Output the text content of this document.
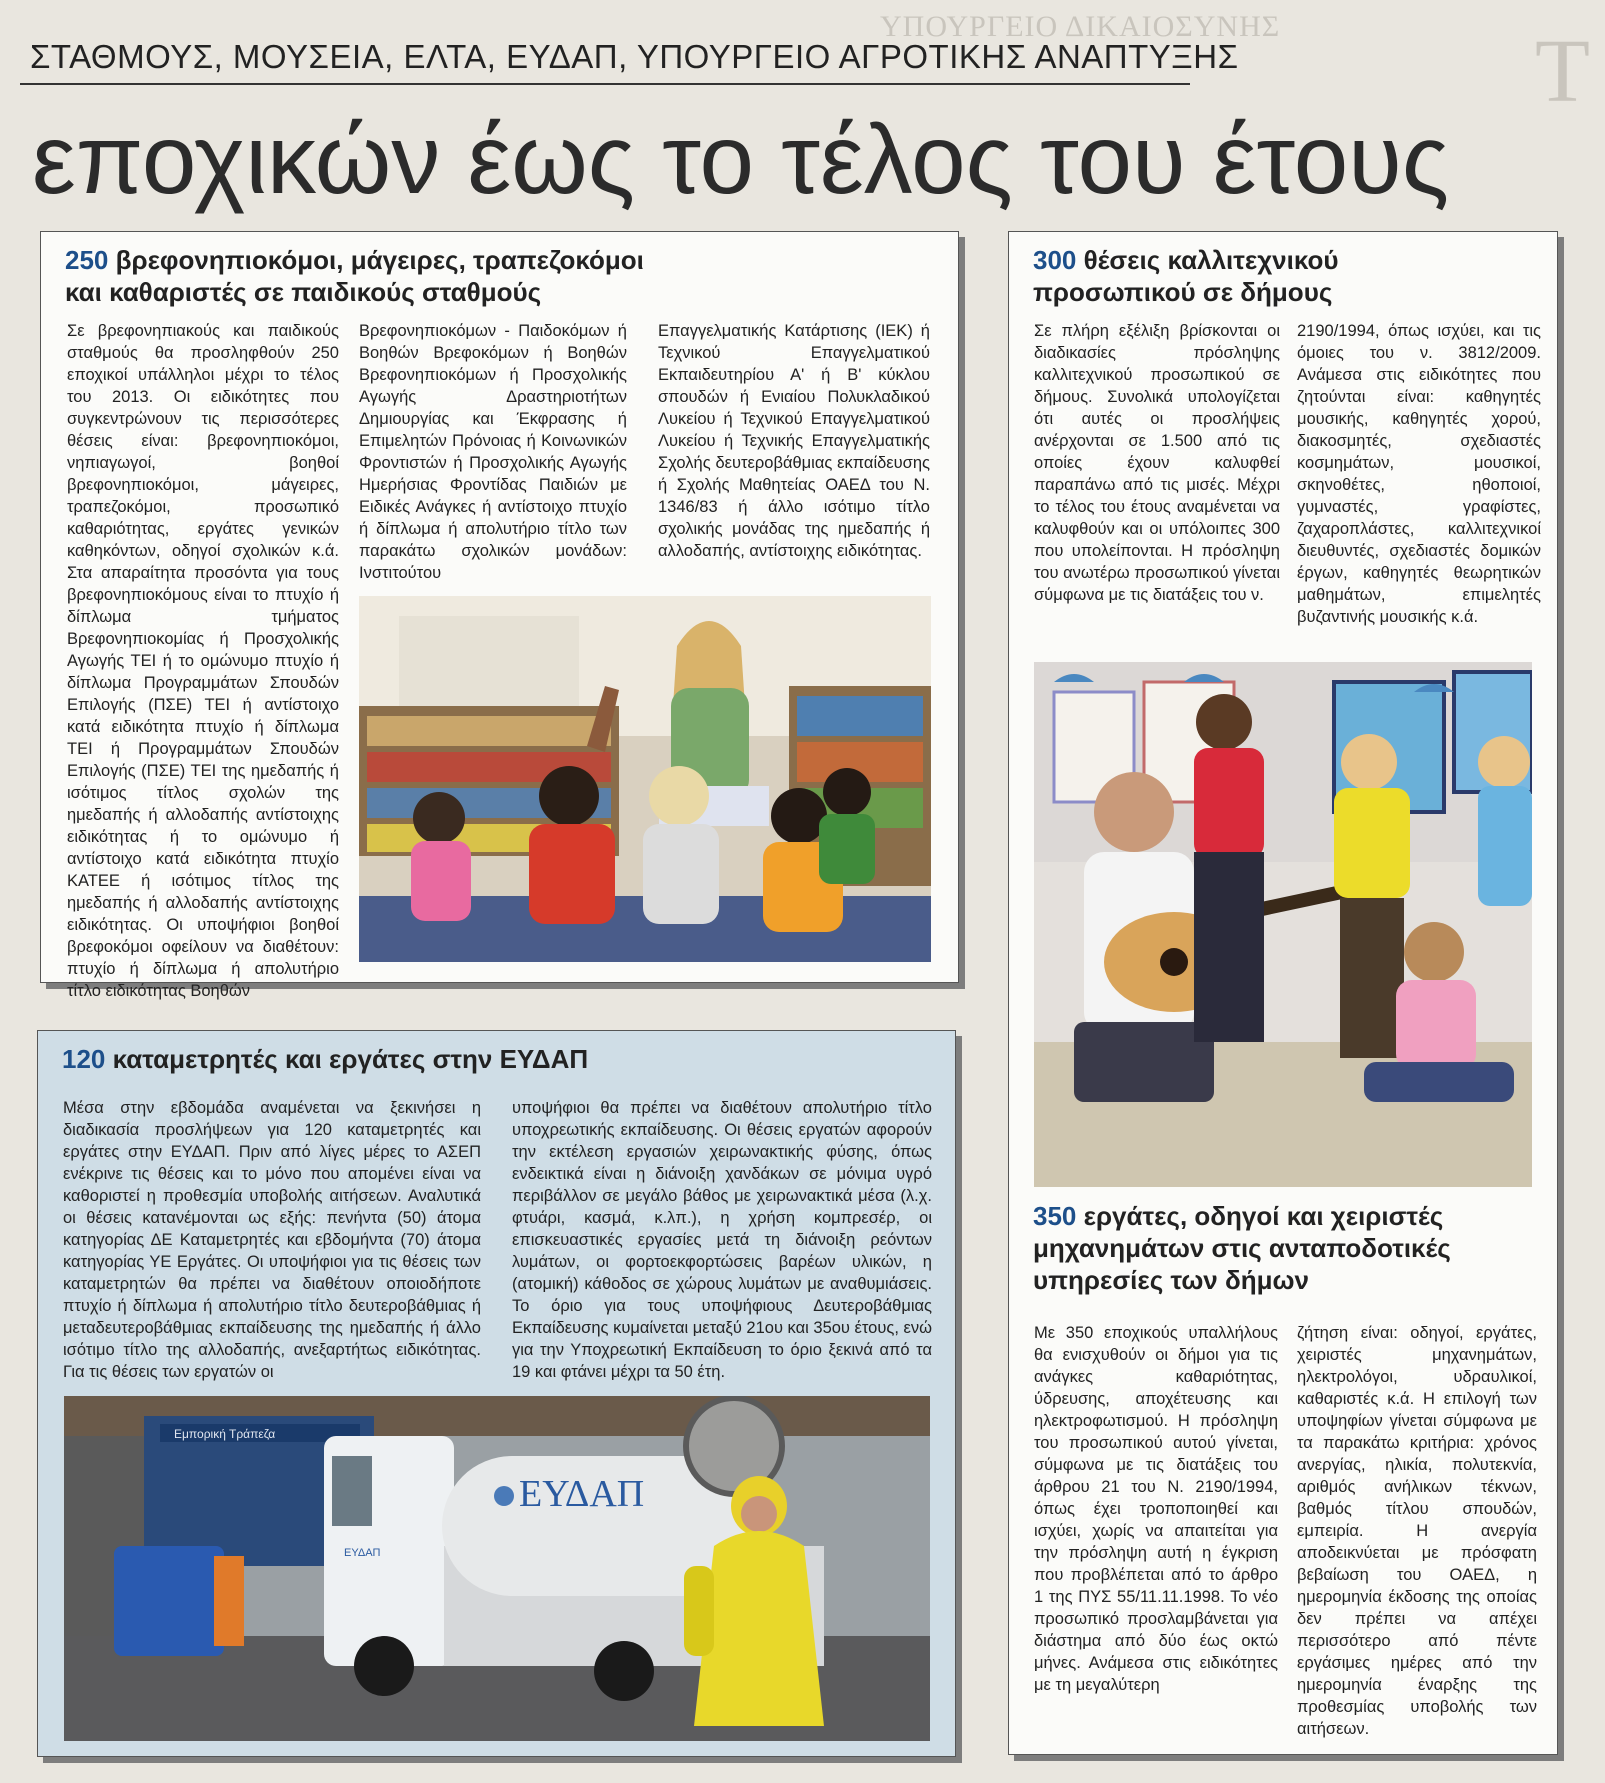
ΥΠΟΥΡΓΕΙΟ ΔΙΚΑΙΟΣΥΝΗΣ	T
ΣΤΑΘΜΟΥΣ, ΜΟΥΣΕΙΑ, ΕΛΤΑ, ΕΥΔΑΠ, ΥΠΟΥΡΓΕΙΟ ΑΓΡΟΤΙΚΗΣ ΑΝΑΠΤΥΞΗΣ
εποχικών έως το τέλος του έτους
250 βρεφονηπιοκόμοι, μάγειρες, τραπεζοκόμοι
και καθαριστές σε παιδικούς σταθμούς

Σε βρεφονηπιακούς και παιδικούς σταθμούς θα προσληφθούν 250 εποχικοί υπάλληλοι μέχρι το τέλος του 2013. Οι ειδικότητες που συγκεντρώνουν τις περισσότερες θέσεις είναι: βρεφονηπιοκόμοι, νηπιαγωγοί, βοηθοί βρεφονηπιοκόμοι, μάγειρες, τραπεζοκόμοι, προσωπικό καθαριότητας, εργάτες γενικών καθηκόντων, οδηγοί σχολικών κ.ά. Στα απαραίτητα προσόντα για τους βρεφονηπιοκόμους είναι το πτυχίο ή δίπλωμα τμήματος Βρεφονηπιοκομίας ή Προσχολικής Αγωγής ΤΕΙ ή το ομώνυμο πτυχίο ή δίπλωμα Προγραμμάτων Σπουδών Επιλογής (ΠΣΕ) ΤΕΙ ή αντίστοιχο κατά ειδικότητα πτυχίο ή δίπλωμα ΤΕΙ ή Προγραμμάτων Σπουδών Επιλογής (ΠΣΕ) ΤΕΙ της ημεδαπής ή ισότιμος τίτλος σχολών της ημεδαπής ή αλλοδαπής αντίστοιχης ειδικότητας ή το ομώνυμο ή αντίστοιχο κατά ειδικότητα πτυχίο ΚΑΤΕΕ ή ισότιμος τίτλος της ημεδαπής ή αλλοδαπής αντίστοιχης ειδικότητας. Οι υποψήφιοι βοηθοί βρεφοκόμοι οφείλουν να διαθέτουν: πτυχίο ή δίπλωμα ή απολυτήριο τίτλο ειδικότητας Βοηθών

Βρεφονηπιοκόμων - Παιδοκόμων ή Βοηθών Βρεφοκόμων ή Βοηθών Βρεφονηπιοκόμων ή Προσχολικής Αγωγής Δραστηριοτήτων Δημιουργίας και Έκφρασης ή Επιμελητών Πρόνοιας ή Κοινωνικών Φροντιστών ή Προσχολικής Αγωγής Ημερήσιας Φροντίδας Παιδιών με Ειδικές Ανάγκες ή αντίστοιχο πτυχίο ή δίπλωμα ή απολυτήριο τίτλο των παρακάτω σχολικών μονάδων: Ινστιτούτου

Επαγγελματικής Κατάρτισης (ΙΕΚ) ή Τεχνικού Επαγγελματικού Εκπαιδευτηρίου Α' ή Β' κύκλου σπουδών ή Ενιαίου Πολυκλαδικού Λυκείου ή Τεχνικού Επαγγελματικού Λυκείου ή Τεχνικής Επαγγελματικής Σχολής δευτεροβάθμιας εκπαίδευσης ή Σχολής Μαθητείας ΟΑΕΔ του Ν. 1346/83 ή άλλο ισότιμο τίτλο σχολικής μονάδας της ημεδαπής ή αλλοδαπής, αντίστοιχης ειδικότητας.

300 θέσεις καλλιτεχνικού
προσωπικού σε δήμους

Σε πλήρη εξέλιξη βρίσκονται οι διαδικασίες πρόσληψης καλλιτεχνικού προσωπικού σε δήμους. Συνολικά υπολογίζεται ότι αυτές οι προσλήψεις ανέρχονται σε 1.500 από τις οποίες έχουν καλυφθεί παραπάνω από τις μισές. Μέχρι το τέλος του έτους αναμένεται να καλυφθούν και οι υπόλοιπες 300 που υπολείπονται. Η πρόσληψη του ανωτέρω προσωπικού γίνεται σύμφωνα με τις διατάξεις του ν.

2190/1994, όπως ισχύει, και τις όμοιες του ν. 3812/2009. Ανάμεσα στις ειδικότητες που ζητούνται είναι: καθηγητές μουσικής, καθηγητές χορού, διακοσμητές, σχεδιαστές κοσμημάτων, μουσικοί, σκηνοθέτες, ηθοποιοί, γυμναστές, γραφίστες, ζαχαροπλάστες, καλλιτεχνικοί διευθυντές, σχεδιαστές δομικών έργων, καθηγητές θεωρητικών μαθημάτων, επιμελητές βυζαντινής μουσικής κ.ά.

350 εργάτες, οδηγοί και χειριστές
μηχανημάτων στις ανταποδοτικές
υπηρεσίες των δήμων

Με 350 εποχικούς υπαλλήλους θα ενισχυθούν οι δήμοι για τις ανάγκες καθαριότητας, ύδρευσης, αποχέτευσης και ηλεκτροφωτισμού. Η πρόσληψη του προσωπικού αυτού γίνεται, σύμφωνα με τις διατάξεις του άρθρου 21 του Ν. 2190/1994, όπως έχει τροποποιηθεί και ισχύει, χωρίς να απαιτείται για την πρόσληψη αυτή η έγκριση που προβλέπεται από το άρθρο 1 της ΠΥΣ 55/11.11.1998. Το νέο προσωπικό προσλαμβάνεται για διάστημα από δύο έως οκτώ μήνες. Ανάμεσα στις ειδικότητες με τη μεγαλύτερη

ζήτηση είναι: οδηγοί, εργάτες, χειριστές μηχανημάτων, ηλεκτρολόγοι, υδραυλικοί, καθαριστές κ.ά. Η επιλογή των υποψηφίων γίνεται σύμφωνα με τα παρακάτω κριτήρια: χρόνος ανεργίας, ηλικία, πολυτεκνία, αριθμός ανήλικων τέκνων, βαθμός τίτλου σπουδών, εμπειρία. Η ανεργία αποδεικνύεται με πρόσφατη βεβαίωση του ΟΑΕΔ, η ημερομηνία έκδοσης της οποίας δεν πρέπει να απέχει περισσότερο από πέντε εργάσιμες ημέρες από την ημερομηνία έναρξης της προθεσμίας υποβολής των αιτήσεων.

120 καταμετρητές και εργάτες στην ΕΥΔΑΠ

Μέσα στην εβδομάδα αναμένεται να ξεκινήσει η διαδικασία προσλήψεων για 120 καταμετρητές και εργάτες στην ΕΥΔΑΠ. Πριν από λίγες μέρες το ΑΣΕΠ ενέκρινε τις θέσεις και το μόνο που απομένει είναι να καθοριστεί η προθεσμία υποβολής αιτήσεων. Αναλυτικά οι θέσεις κατανέμονται ως εξής: πενήντα (50) άτομα κατηγορίας ΔΕ Καταμετρητές και εβδομήντα (70) άτομα κατηγορίας ΥΕ Εργάτες. Οι υποψήφιοι για τις θέσεις των καταμετρητών θα πρέπει να διαθέτουν οποιοδήποτε πτυχίο ή δίπλωμα ή απολυτήριο τίτλο δευτεροβάθμιας ή μεταδευτεροβάθμιας εκπαίδευσης της ημεδαπής ή άλλο ισότιμο τίτλο της αλλοδαπής, ανεξαρτήτως ειδικότητας. Για τις θέσεις των εργατών οι

υποψήφιοι θα πρέπει να διαθέτουν απολυτήριο τίτλο υποχρεωτικής εκπαίδευσης. Οι θέσεις εργατών αφορούν την εκτέλεση εργασιών χειρωνακτικής φύσης, όπως ενδεικτικά είναι η διάνοιξη χανδάκων σε μόνιμα υγρό περιβάλλον σε μεγάλο βάθος με χειρωνακτικά μέσα (λ.χ. φτυάρι, κασμά, κ.λπ.), η χρήση κομπρεσέρ, οι επισκευαστικές εργασίες μετά τη διάνοιξη ρεόντων λυμάτων, οι φορτοεκφορτώσεις βαρέων υλικών, η (ατομική) κάθοδος σε χώρους λυμάτων με αναθυμιάσεις. Το όριο για τους υποψήφιους Δευτεροβάθμιας Εκπαίδευσης κυμαίνεται μεταξύ 21ου και 35ου έτους, ενώ για την Υποχρεωτική Εκπαίδευση το όριο ξεκινά από τα 19 και φτάνει μέχρι τα 50 έτη.

Εμπορική Τράπεζα
ΕΥΔΑΠ
ΕΥΔΑΠ
